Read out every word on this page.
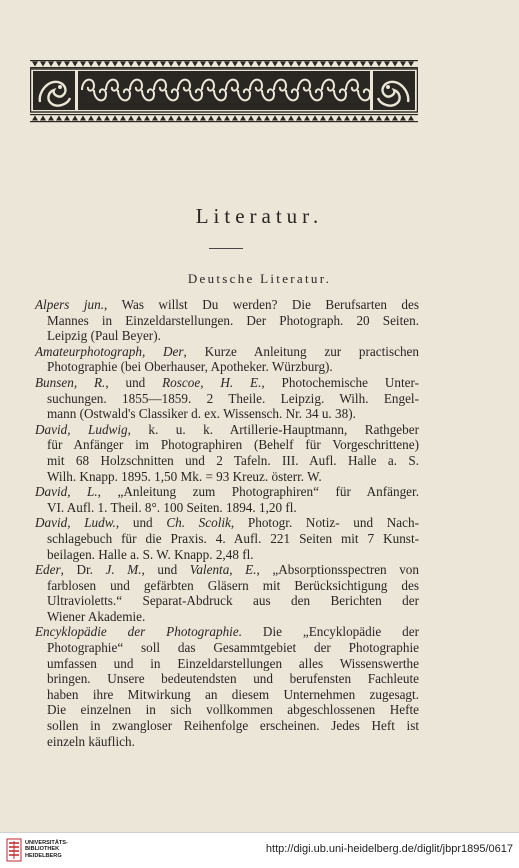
Literatur.
Deutsche Literatur.
Alpers jun., Was willst Du werden? Die Berufsarten des
Mannes in Einzeldarstellungen. Der Photograph. 20 Seiten.
Leipzig (Paul Beyer).
Amateurphotograph, Der, Kurze Anleitung zur practischen
Photographie (bei Oberhauser, Apotheker. Würzburg).
Bunsen, R., und Roscoe, H. E., Photochemische Unter-
suchungen. 1855—1859. 2 Theile. Leipzig. Wilh. Engel-
mann (Ostwald's Classiker d. ex. Wissensch. Nr. 34 u. 38).
David, Ludwig, k. u. k. Artillerie-Hauptmann, Rathgeber
für Anfänger im Photographiren (Behelf für Vorgeschrittene)
mit 68 Holzschnitten und 2 Tafeln. III. Aufl. Halle a. S.
Wilh. Knapp. 1895. 1,50 Mk. = 93 Kreuz. österr. W.
David, L., „Anleitung zum Photographiren“ für Anfänger.
VI. Aufl. 1. Theil. 8°. 100 Seiten. 1894. 1,20 fl.
David, Ludw., und Ch. Scolik, Photogr. Notiz- und Nach-
schlagebuch für die Praxis. 4. Aufl. 221 Seiten mit 7 Kunst-
beilagen. Halle a. S. W. Knapp. 2,48 fl.
Eder, Dr. J. M., und Valenta, E., „Absorptionsspectren von
farblosen und gefärbten Gläsern mit Berücksichtigung des
Ultravioletts.“ Separat-Abdruck aus den Berichten der
Wiener Akademie.
Encyklopädie der Photographie. Die „Encyklopädie der
Photographie“ soll das Gesammtgebiet der Photographie
umfassen und in Einzeldarstellungen alles Wissenswerthe
bringen. Unsere bedeutendsten und berufensten Fachleute
haben ihre Mitwirkung an diesem Unternehmen zugesagt.
Die einzelnen in sich vollkommen abgeschlossenen Hefte
sollen in zwangloser Reihenfolge erscheinen. Jedes Heft ist
einzeln käuflich.
UNIVERSITÄTS-
BIBLIOTHEK
HEIDELBERG
http://digi.ub.uni-heidelberg.de/diglit/jbpr1895/0617
